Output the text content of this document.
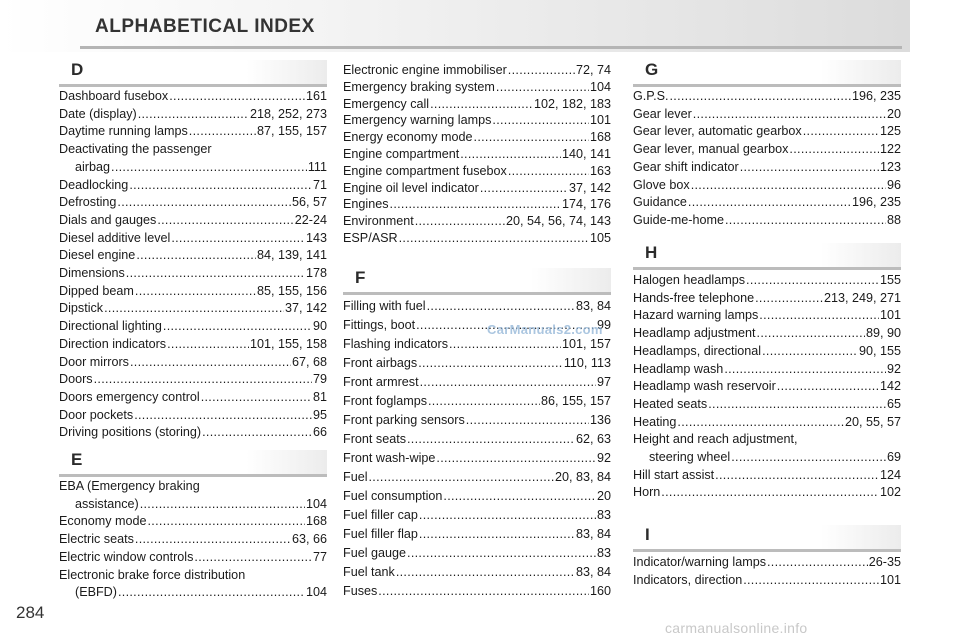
ALPHABETICAL INDEX
D
Dashboard fusebox .....	161
Date (display) .....	218, 252, 273
Daytime running lamps .....	87, 155, 157
Deactivating the passenger
airbag .....	111
Deadlocking .....	71
Defrosting .....	56, 57
Dials and gauges .....	22-24
Diesel additive level .....	143
Diesel engine .....	84, 139, 141
Dimensions .....	178
Dipped beam .....	85, 155, 156
Dipstick .....	37, 142
Directional lighting .....	90
Direction indicators .....	101, 155, 158
Door mirrors .....	67, 68
Doors .....	79
Doors emergency control .....	81
Door pockets .....	95
Driving positions (storing) .....	66
E
EBA (Emergency braking
assistance) .....	104
Economy mode .....	168
Electric seats .....	63, 66
Electric window controls .....	77
Electronic brake force distribution
(EBFD) .....	104
Electronic engine immobiliser .....	72, 74
Emergency braking system .....	104
Emergency call .....	102, 182, 183
Emergency warning lamps .....	101
Energy economy mode .....	168
Engine compartment .....	140, 141
Engine compartment fusebox .....	163
Engine oil level indicator .....	37, 142
Engines .....	174, 176
Environment .....	20, 54, 56, 74, 143
ESP/ASR .....	105
F
Filling with fuel .....	83, 84
Fittings, boot .....	99
Flashing indicators .....	101, 157
Front airbags .....	110, 113
Front armrest .....	97
Front foglamps .....	86, 155, 157
Front parking sensors .....	136
Front seats .....	62, 63
Front wash-wipe .....	92
Fuel .....	20, 83, 84
Fuel consumption .....	20
Fuel filler cap .....	83
Fuel filler flap .....	83, 84
Fuel gauge .....	83
Fuel tank .....	83, 84
Fuses .....	160
G
G.P.S. .....	196, 235
Gear lever .....	20
Gear lever, automatic gearbox .....	125
Gear lever, manual gearbox .....	122
Gear shift indicator .....	123
Glove box .....	96
Guidance .....	196, 235
Guide-me-home .....	88
H
Halogen headlamps .....	155
Hands-free telephone .....	213, 249, 271
Hazard warning lamps .....	101
Headlamp adjustment .....	89, 90
Headlamps, directional .....	90, 155
Headlamp wash .....	92
Headlamp wash reservoir .....	142
Heated seats .....	65
Heating .....	20, 55, 57
Height and reach adjustment,
steering wheel .....	69
Hill start assist .....	124
Horn .....	102
I
Indicator/warning lamps .....	26-35
Indicators, direction .....	101
CarManuals2.com
284
carmanualsonline.info
